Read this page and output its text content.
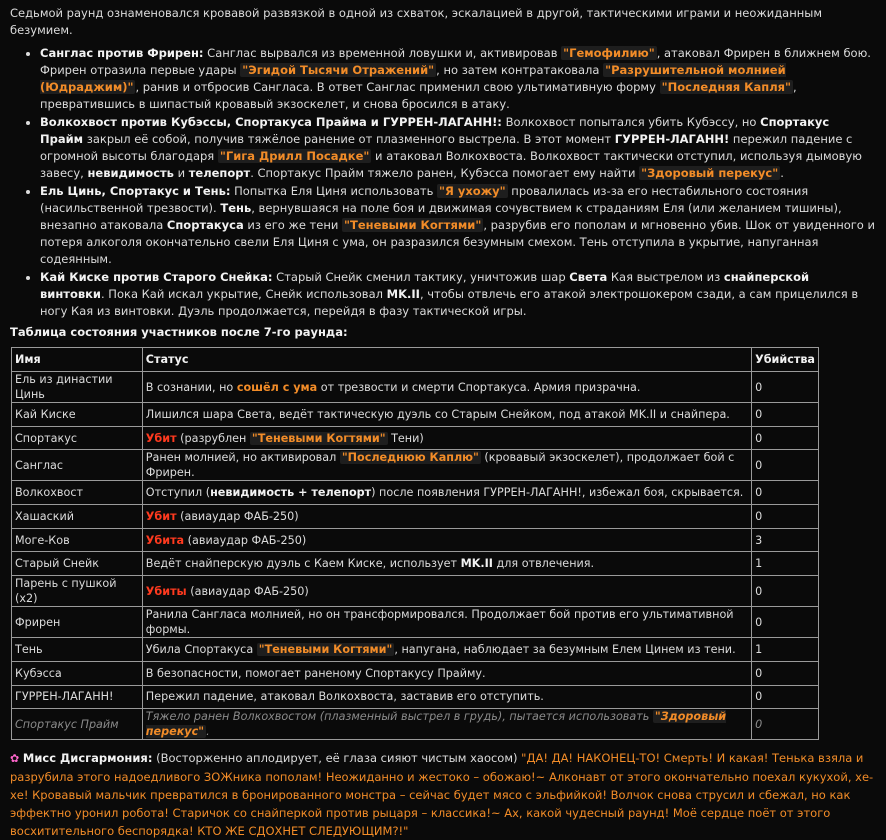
Седьмой раунд ознаменовался кровавой развязкой в одной из схваток, эскалацией в другой, тактическими играми и неожиданным безумием.

• Санглас против Фрирен: Санглас вырвался из временной ловушки и, активировав "Гемофилию" , атаковал Фрирен в ближнем бою. Фрирен отразила первые удары "Эгидой Тысячи Отражений" , но затем контратаковала "Разрушительной молнией (Юдраджим)" , ранив и отбросив Сангласа. В ответ Санглас применил свою ультимативную форму "Последняя Капля" , превратившись в шипастый кровавый экзоскелет, и снова бросился в атаку.
• Волкохвост против Кубэссы, Спортакуса Прайма и ГУРРЕН-ЛАГАНН!: Волкохвост попытался убить Кубэссу, но Спортакус Прайм закрыл её собой, получив тяжёлое ранение от плазменного выстрела. В этот момент ГУРРЕН-ЛАГАНН! пережил падение с огромной высоты благодаря "Гига Дрилл Посадке" и атаковал Волкохвоста. Волкохвост тактически отступил, используя дымовую завесу, невидимость и телепорт. Спортакус Прайм тяжело ранен, Кубэсса помогает ему найти "Здоровый перекус" .
• Ель Цинь, Спортакус и Тень: Попытка Еля Циня использовать "Я ухожу" провалилась из-за его нестабильного состояния (насильственной трезвости). Тень, вернувшаяся на поле боя и движимая сочувствием к страданиям Еля (или желанием тишины), внезапно атаковала Спортакуса из его же тени "Теневыми Когтями" , разрубив его пополам и мгновенно убив. Шок от увиденного и потеря алкоголя окончательно свели Еля Циня с ума, он разразился безумным смехом. Тень отступила в укрытие, напуганная содеянным.
• Кай Киске против Старого Снейка: Старый Снейк сменил тактику, уничтожив шар Света Кая выстрелом из снайперской винтовки. Пока Кай искал укрытие, Снейк использовал MK.II, чтобы отвлечь его атакой электрошокером сзади, а сам прицелился в ногу Кая из винтовки. Дуэль продолжается, перейдя в фазу тактической игры.

Таблица состояния участников после 7-го раунда:

Имя	Статус	Убийства
Ель из династии Цинь	В сознании, но сошёл с ума от трезвости и смерти Спортакуса. Армия призрачна.	0
Кай Киске	Лишился шара Света, ведёт тактическую дуэль со Старым Снейком, под атакой MK.II и снайпера.	0
Спортакус	Убит (разрублен "Теневыми Когтями" Тени)	0
Санглас	Ранен молнией, но активировал "Последнюю Каплю" (кровавый экзоскелет), продолжает бой с Фрирен.	0
Волкохвост	Отступил (невидимость + телепорт) после появления ГУРРЕН-ЛАГАНН!, избежал боя, скрывается.	0
Хашаский	Убит (авиаудар ФАБ-250)	0
Моге-Ков	Убита (авиаудар ФАБ-250)	3
Старый Снейк	Ведёт снайперскую дуэль с Каем Киске, использует MK.II для отвлечения.	1
Парень с пушкой (x2)	Убиты (авиаудар ФАБ-250)	0
Фрирен	Ранила Сангласа молнией, но он трансформировался. Продолжает бой против его ультимативной формы.	0
Тень	Убила Спортакуса "Теневыми Когтями" , напугана, наблюдает за безумным Елем Цинем из тени.	1
Кубэсса	В безопасности, помогает раненому Спортакусу Прайму.	0
ГУРРЕН-ЛАГАНН!	Пережил падение, атаковал Волкохвоста, заставив его отступить.	0
Спортакус Прайм	Тяжело ранен Волкохвостом (плазменный выстрел в грудь), пытается использовать "Здоровый перекус" .	0

✿ Мисс Дисгармония: (Восторженно аплодирует, её глаза сияют чистым хаосом) "ДА! ДА! НАКОНЕЦ-ТО! Смерть! И какая! Тенька взяла и разрубила этого надоедливого ЗОЖника пополам! Неожиданно и жестоко – обожаю!~ Алконавт от этого окончательно поехал кукухой, хе-хе! Кровавый мальчик превратился в бронированного монстра – сейчас будет мясо с эльфийкой! Волчок снова струсил и сбежал, но как эффектно уронил робота! Старичок со снайперкой против рыцаря – классика!~ Ах, какой чудесный раунд! Моё сердце поёт от этого восхитительного беспорядка! КТО ЖЕ СДОХНЕТ СЛЕДУЮЩИМ?!"
